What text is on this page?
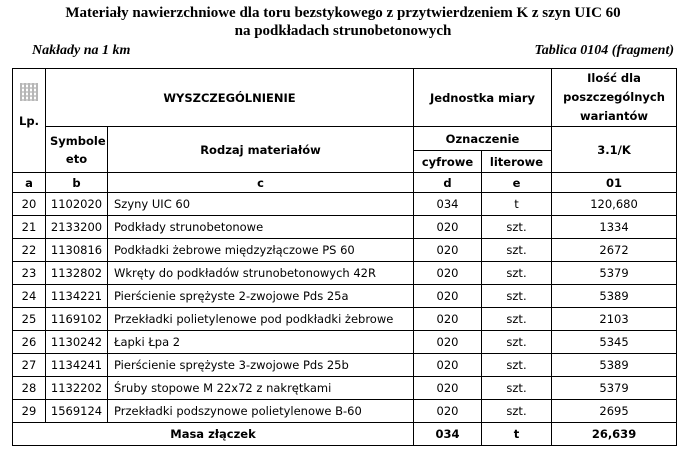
Materiały nawierzchniowe dla toru bezstykowego z przytwierdzeniem K z szyn UIC 60
na podkładach strunobetonowych
Nakłady na 1 km	Tablica 0104 (fragment)
Lp.	WYSZCZEGÓLNIENIE		Jednostka miary		Ilość dla poszczególnych wariantów
	Symbole eto	Rodzaj materiałów	Oznaczenie		3.1/K
			cyfrowe	literowe	
a	b	c	d	e	01
20	1102020	Szyny UIC 60	034	t	120,680
21	2133200	Podkłady strunobetonowe	020	szt.	1334
22	1130816	Podkładki żebrowe międzyzłączowe PS 60	020	szt.	2672
23	1132802	Wkręty do podkładów strunobetonowych 42R	020	szt.	5379
24	1134221	Pierścienie sprężyste 2-zwojowe Pds 25a	020	szt.	5389
25	1169102	Przekładki polietylenowe pod podkładki żebrowe	020	szt.	2103
26	1130242	Łapki Łpa 2	020	szt.	5345
27	1134241	Pierścienie sprężyste 3-zwojowe Pds 25b	020	szt.	5389
28	1132202	Śruby stopowe M 22x72 z nakrętkami	020	szt.	5379
29	1569124	Przekładki podszynowe polietylenowe B-60	020	szt.	2695
Masa złączek			034	t	26,639
